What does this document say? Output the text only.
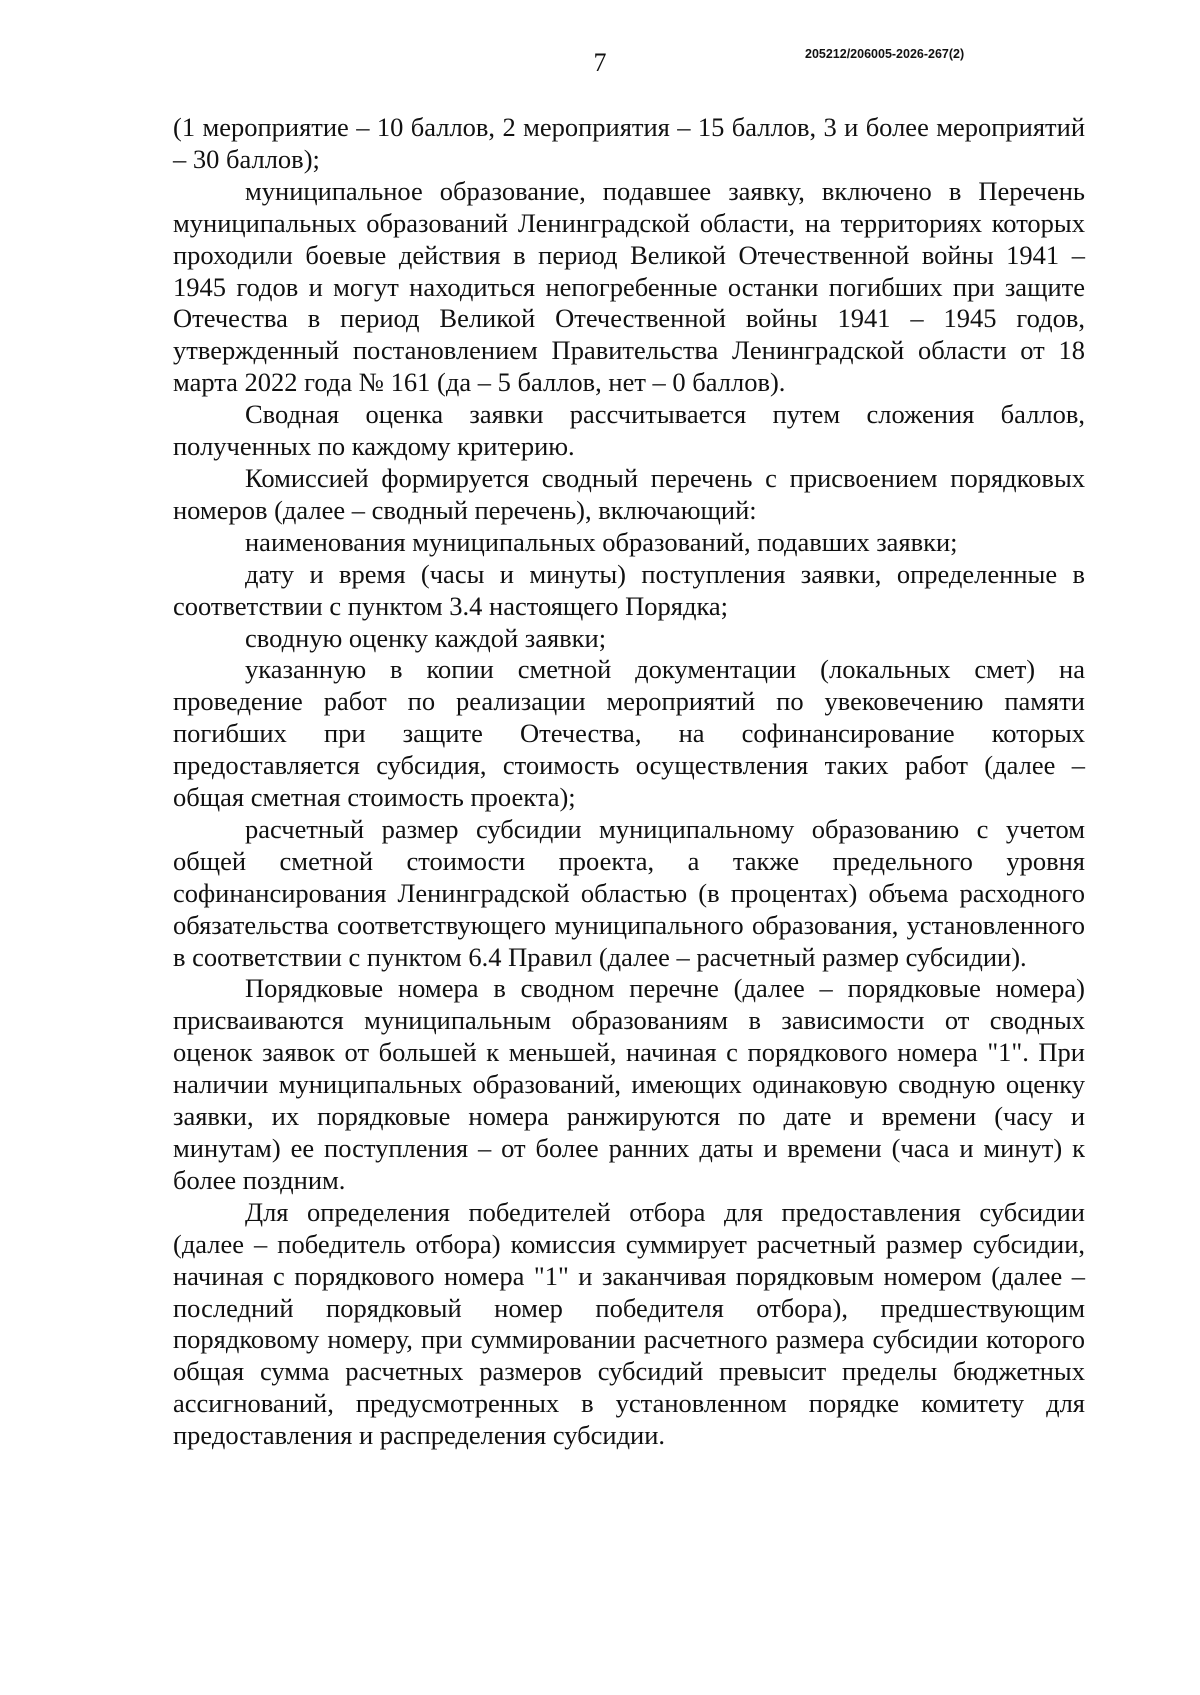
7	205212/206005-2026-267(2)

(1 мероприятие – 10 баллов, 2 мероприятия – 15 баллов, 3 и более мероприятий – 30 баллов);

муниципальное образование, подавшее заявку, включено в Перечень муниципальных образований Ленинградской области, на территориях которых проходили боевые действия в период Великой Отечественной войны 1941 – 1945 годов и могут находиться непогребенные останки погибших при защите Отечества в период Великой Отечественной войны 1941 – 1945 годов, утвержденный постановлением Правительства Ленинградской области от 18 марта 2022 года № 161 (да – 5 баллов, нет – 0 баллов).

Сводная оценка заявки рассчитывается путем сложения баллов, полученных по каждому критерию.

Комиссией формируется сводный перечень с присвоением порядковых номеров (далее – сводный перечень), включающий:

наименования муниципальных образований, подавших заявки;

дату и время (часы и минуты) поступления заявки, определенные в соответствии с пунктом 3.4 настоящего Порядка;

сводную оценку каждой заявки;

указанную в копии сметной документации (локальных смет) на проведение работ по реализации мероприятий по увековечению памяти погибших при защите Отечества, на софинансирование которых предоставляется субсидия, стоимость осуществления таких работ (далее – общая сметная стоимость проекта);

расчетный размер субсидии муниципальному образованию с учетом общей сметной стоимости проекта, а также предельного уровня софинансирования Ленинградской областью (в процентах) объема расходного обязательства соответствующего муниципального образования, установленного в соответствии с пунктом 6.4 Правил (далее – расчетный размер субсидии).

Порядковые номера в сводном перечне (далее – порядковые номера) присваиваются муниципальным образованиям в зависимости от сводных оценок заявок от большей к меньшей, начиная с порядкового номера "1". При наличии муниципальных образований, имеющих одинаковую сводную оценку заявки, их порядковые номера ранжируются по дате и времени (часу и минутам) ее поступления – от более ранних даты и времени (часа и минут) к более поздним.

Для определения победителей отбора для предоставления субсидии (далее – победитель отбора) комиссия суммирует расчетный размер субсидии, начиная с порядкового номера "1" и заканчивая порядковым номером (далее – последний порядковый номер победителя отбора), предшествующим порядковому номеру, при суммировании расчетного размера субсидии которого общая сумма расчетных размеров субсидий превысит пределы бюджетных ассигнований, предусмотренных в установленном порядке комитету для предоставления и распределения субсидии.
